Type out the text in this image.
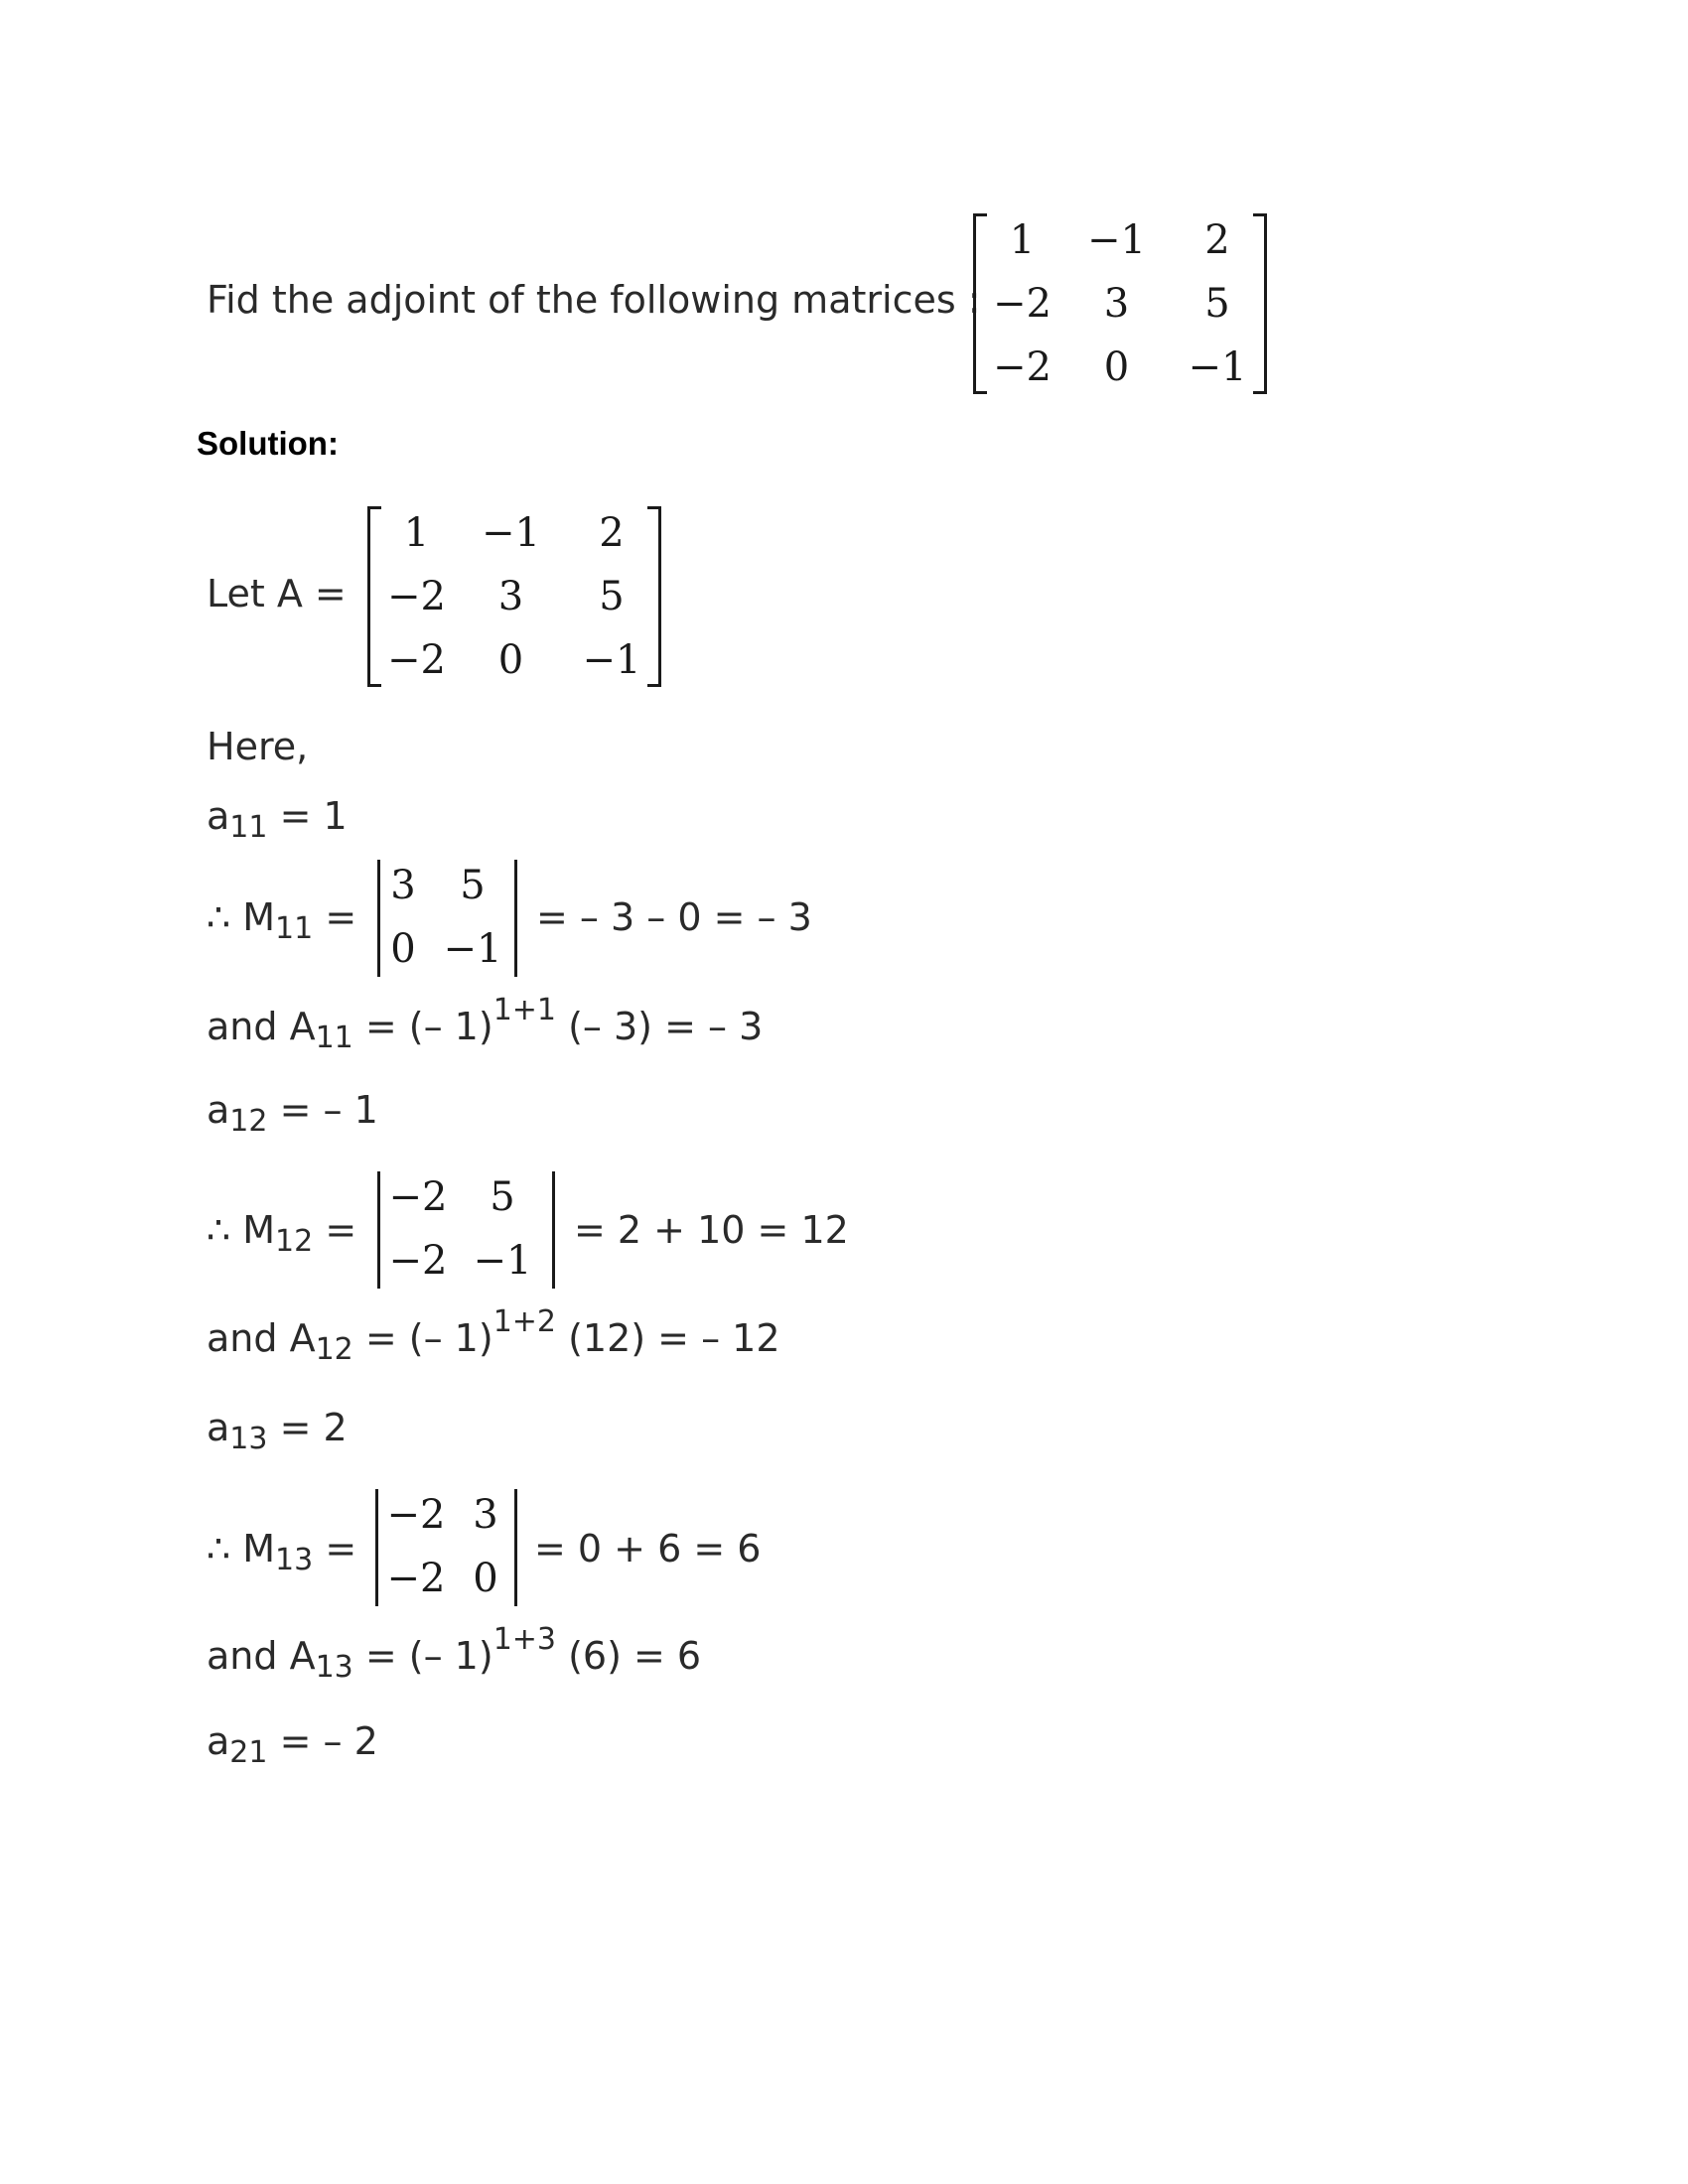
Fid the adjoint of the following matrices :
1	−1	2
−2	3	5
−2	0	−1
Solution:
Let A =
1	−1	2
−2	3	5
−2	0	−1
Here,
a 11
= 1
∴ M 11
=
3	5
0 −1
= – 3 – 0 = – 3
and A 11
= (– 1) 1+1
(– 3) = – 3
a 12
= – 1
∴ M 12
=
−2	5
−2 −1
= 2 + 10 = 12
and A 12
= (– 1) 1+2
(12) = – 12
a 13
= 2
∴ M 13
=
−2 3
−2 0
= 0 + 6 = 6
and A 13
= (– 1) 1+3
(6) = 6
a 21
= – 2
